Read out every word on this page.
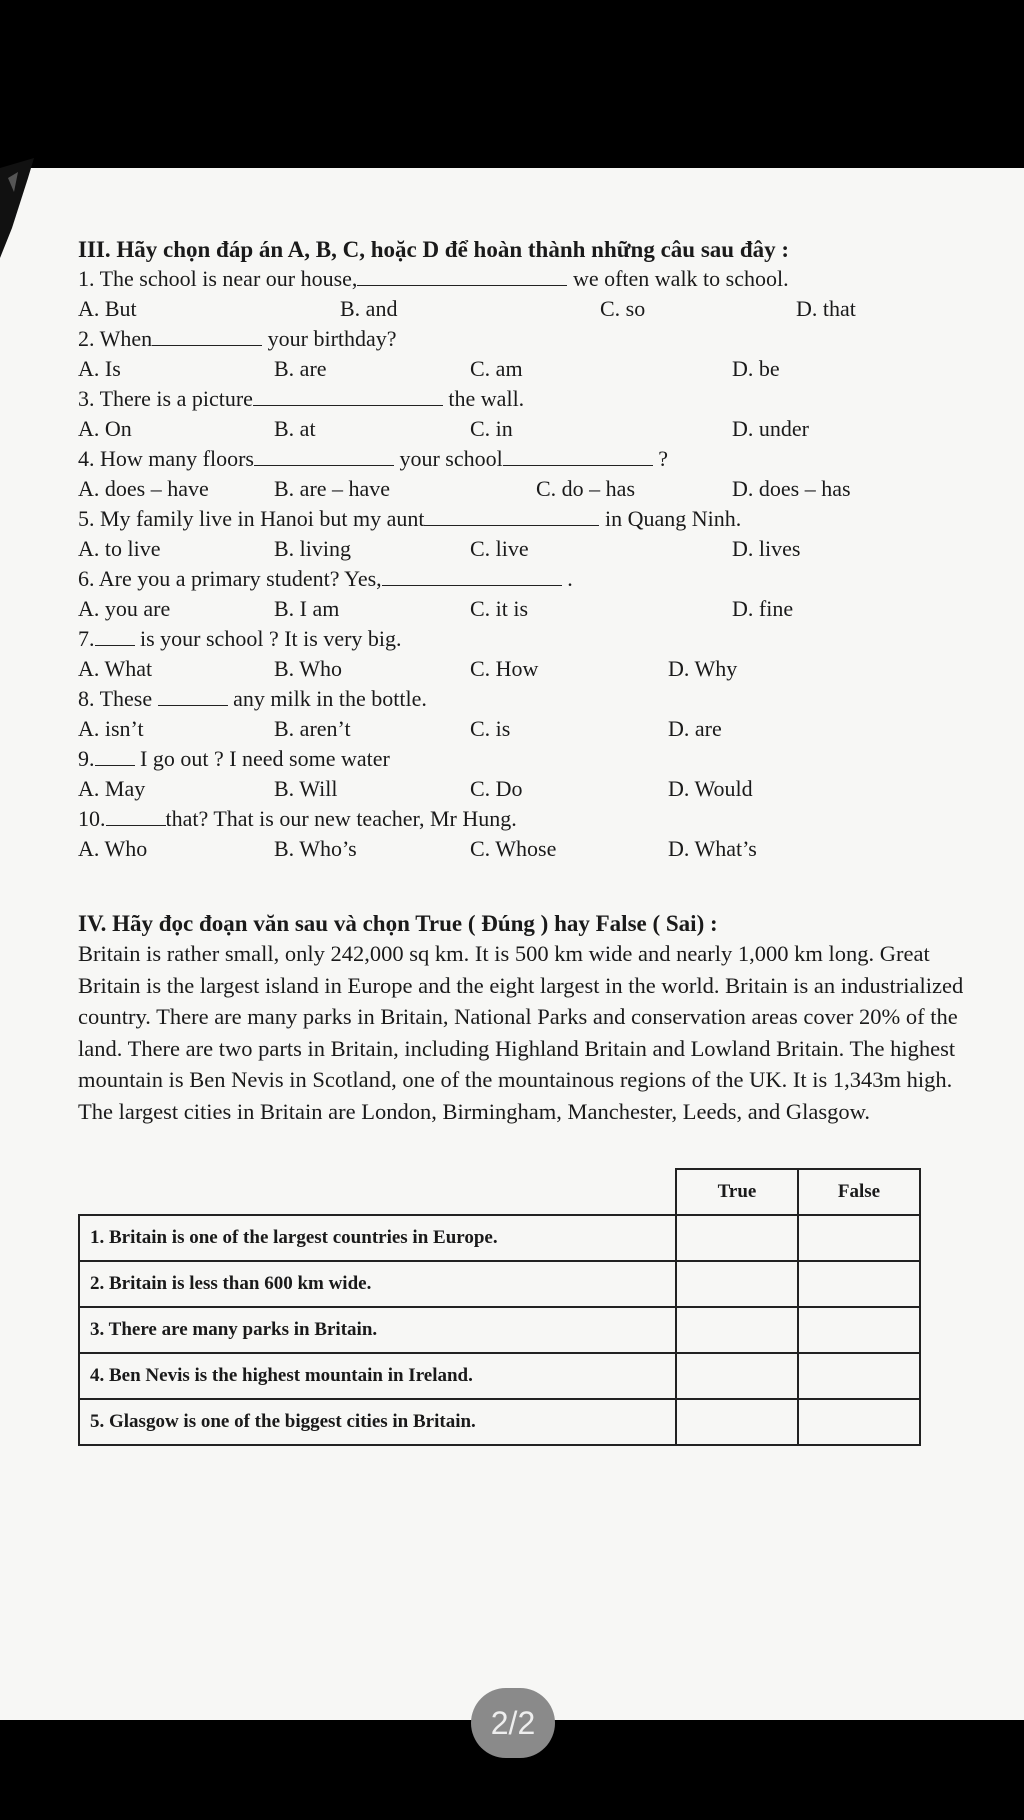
III. Hãy chọn đáp án A, B, C, hoặc D để hoàn thành những câu sau đây :

1. The school is near our house,	we often walk to school.
A. But	B. and	C. so	D. that
2. When	your birthday?
A. Is	B. are	C. am	D. be
3. There is a picture	the wall.
A. On	B. at	C. in	D. under
4. How many floors	your school	?
A. does – have	B. are – have	C. do – has	D. does – has
5. My family live in Hanoi but my aunt	in Quang Ninh.
A. to live	B. living	C. live	D. lives
6. Are you a primary student? Yes,	.
A. you are	B. I am	C. it is	D. fine
7. is your school ? It is very big.
A. What	B. Who	C. How	D. Why
8. These	any milk in the bottle.
A. isn’t	B. aren’t	C. is	D. are
9. I go out ? I need some water
A. May	B. Will	C. Do	D. Would
10.	that? That is our new teacher, Mr Hung.
A. Who	B. Who’s	C. Whose	D. What’s

IV. Hãy đọc đoạn văn sau và chọn True ( Đúng ) hay False ( Sai) :

Britain is rather small, only 242,000 sq km. It is 500 km wide and nearly 1,000 km long. Great Britain is the largest island in Europe and the eight largest in the world. Britain is an industrialized country. There are many parks in Britain, National Parks and conservation areas cover 20% of the land. There are two parts in Britain, including Highland Britain and Lowland Britain. The highest mountain is Ben Nevis in Scotland, one of the mountainous regions of the UK. It is 1,343m high. The largest cities in Britain are London, Birmingham, Manchester, Leeds, and Glasgow.

	True	False
1. Britain is one of the largest countries in Europe.		
2. Britain is less than 600 km wide.		
3. There are many parks in Britain.		
4. Ben Nevis is the highest mountain in Ireland.		
5. Glasgow is one of the biggest cities in Britain.		
2/2
